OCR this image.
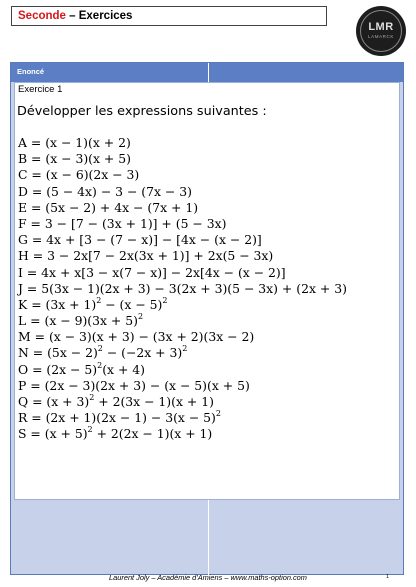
Seconde – Exercices
LMR
LAMARCK
Enoncé
Exercice 1
Développer les expressions suivantes :
A = (x − 1)(x + 2)
B = (x − 3)(x + 5)
C = (x − 6)(2x − 3)
D = (5 − 4x) − 3 − (7x − 3)
E = (5x − 2) + 4x − (7x + 1)
F = 3 − [7 − (3x + 1)] + (5 − 3x)
G = 4x + [3 − (7 − x)] − [4x − (x − 2)]
H = 3 − 2x[7 − 2x(3x + 1)] + 2x(5 − 3x)
I = 4x + x[3 − x(7 − x)] − 2x[4x − (x − 2)]
J = 5(3x − 1)(2x + 3) − 3(2x + 3)(5 − 3x) + (2x + 3)
$K = (3x + 1)^2 - (x - 5)^2$
$L = (x - 9)(3x + 5)^2$
M = (x − 3)(x + 3) − (3x + 2)(3x − 2)
$N = (5x - 2)^2 - (-2x + 3)^2$
$O = (2x - 5)^2(x + 4)$
P = (2x − 3)(2x + 3) − (x − 5)(x + 5)
$Q = (x + 3)^2 + 2(3x - 1)(x + 1)$
$R = (2x + 1)(2x - 1) - 3(x - 5)^2$
$S = (x + 5)^2 + 2(2x - 1)(x + 1)$
Laurent Joly – Académie d'Amiens – www.maths-option.com	1
